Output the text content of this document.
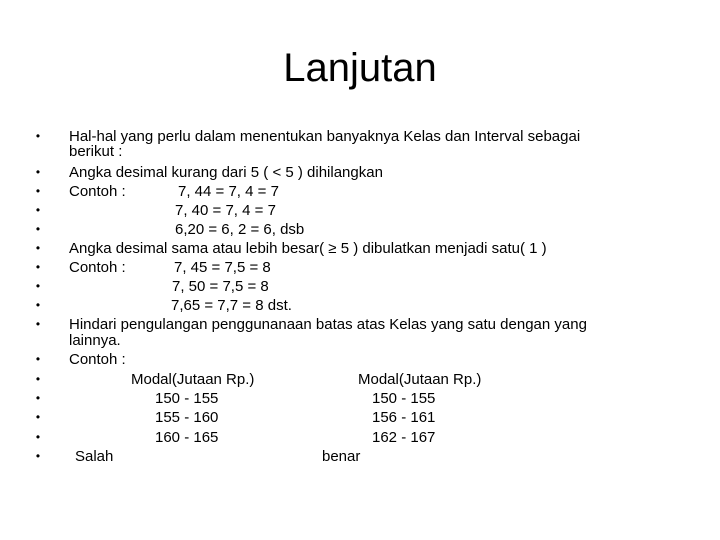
Lanjutan
•	Hal-hal yang perlu dalam menentukan banyaknya Kelas dan Interval sebagai
berikut :
•	Angka desimal kurang dari 5 ( < 5 ) dihilangkan
•	Contoh :	7, 44 = 7, 4 = 7
•	7, 40 = 7, 4 = 7
•	6,20 = 6, 2 = 6, dsb
•	Angka desimal sama atau lebih besar( ≥ 5 ) dibulatkan menjadi satu( 1 )
•	Contoh :	7, 45 = 7,5 = 8
•	7, 50 = 7,5 = 8
•	7,65 = 7,7 = 8 dst.
•	Hindari pengulangan penggunanaan batas atas Kelas yang satu dengan yang
lainnya.
•	Contoh :
•	Modal(Jutaan Rp.)	Modal(Jutaan Rp.)
•	150 - 155	150 - 155
•	155 - 160	156 - 161
•	160 - 165	162 - 167
•	Salah	benar
